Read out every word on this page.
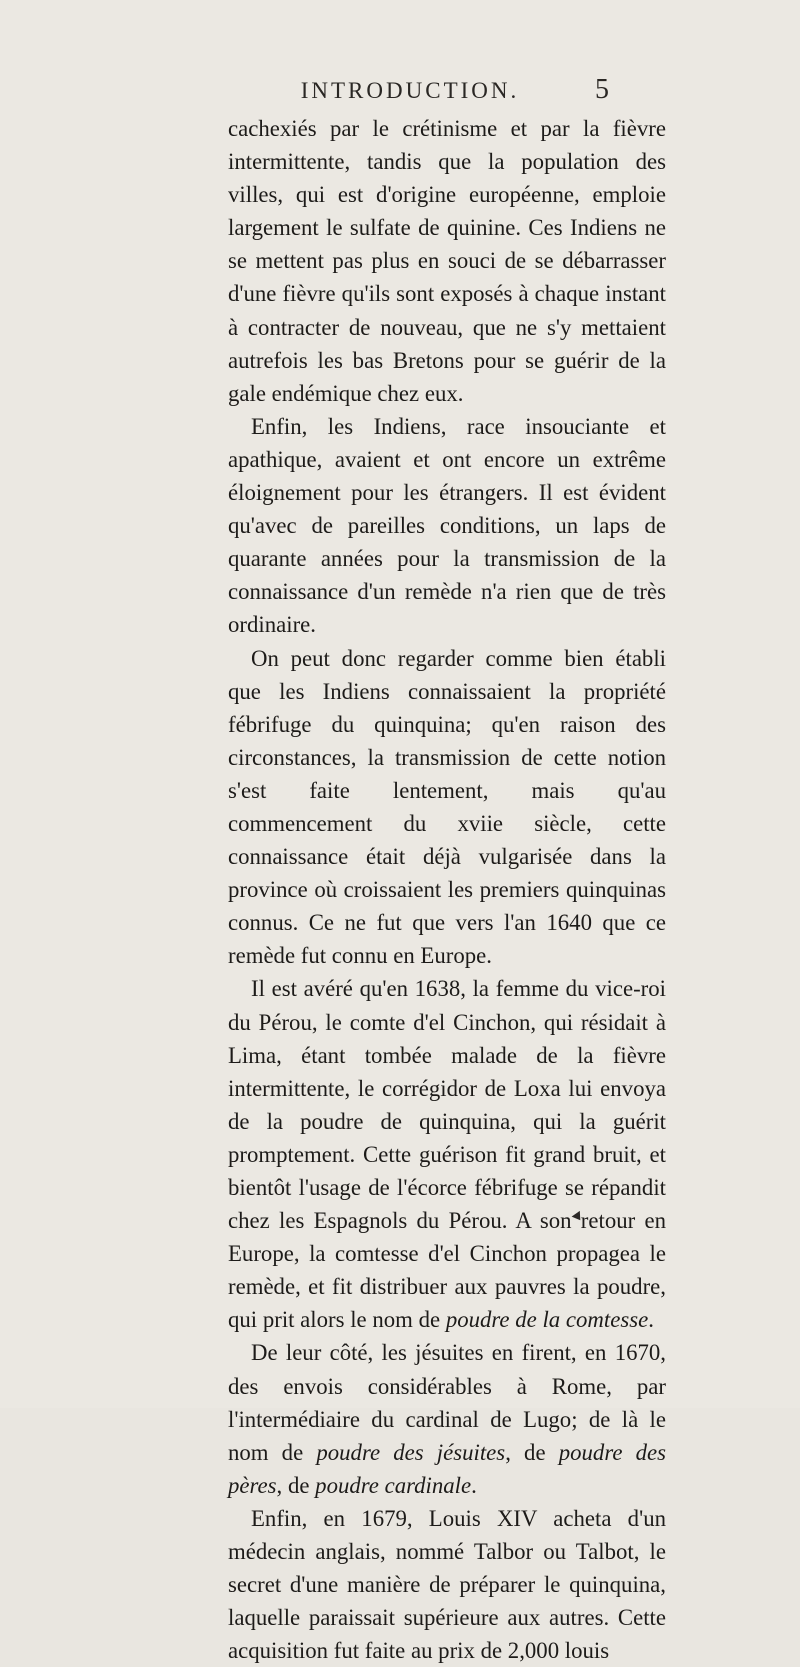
INTRODUCTION.	5

cachexiés par le crétinisme et par la fièvre intermittente, tandis que la population des villes, qui est d'origine européenne, emploie largement le sulfate de quinine. Ces Indiens ne se mettent pas plus en souci de se débarrasser d'une fièvre qu'ils sont exposés à chaque instant à contracter de nouveau, que ne s'y mettaient autrefois les bas Bretons pour se guérir de la gale endémique chez eux.

Enfin, les Indiens, race insouciante et apathique, avaient et ont encore un extrême éloignement pour les étrangers. Il est évident qu'avec de pareilles conditions, un laps de quarante années pour la transmission de la connaissance d'un remède n'a rien que de très ordinaire.

On peut donc regarder comme bien établi que les Indiens connaissaient la propriété fébrifuge du quinquina; qu'en raison des circonstances, la transmission de cette notion s'est faite lentement, mais qu'au commencement du xviie siècle, cette connaissance était déjà vulgarisée dans la province où croissaient les premiers quinquinas connus. Ce ne fut que vers l'an 1640 que ce remède fut connu en Europe.

Il est avéré qu'en 1638, la femme du vice-roi du Pérou, le comte d'el Cinchon, qui résidait à Lima, étant tombée malade de la fièvre intermittente, le corrégidor de Loxa lui envoya de la poudre de quinquina, qui la guérit promptement. Cette guérison fit grand bruit, et bientôt l'usage de l'écorce fébrifuge se répandit chez les Espagnols du Pérou. A son retour en Europe, la comtesse d'el Cinchon propagea le remède, et fit distribuer aux pauvres la poudre, qui prit alors le nom de poudre de la comtesse.

De leur côté, les jésuites en firent, en 1670, des envois considérables à Rome, par l'intermédiaire du cardinal de Lugo; de là le nom de poudre des jésuites, de poudre des pères, de poudre cardinale.

Enfin, en 1679, Louis XIV acheta d'un médecin anglais, nommé Talbor ou Talbot, le secret d'une manière de préparer le quinquina, laquelle paraissait supérieure aux autres. Cette acquisition fut faite au prix de 2,000 louis
